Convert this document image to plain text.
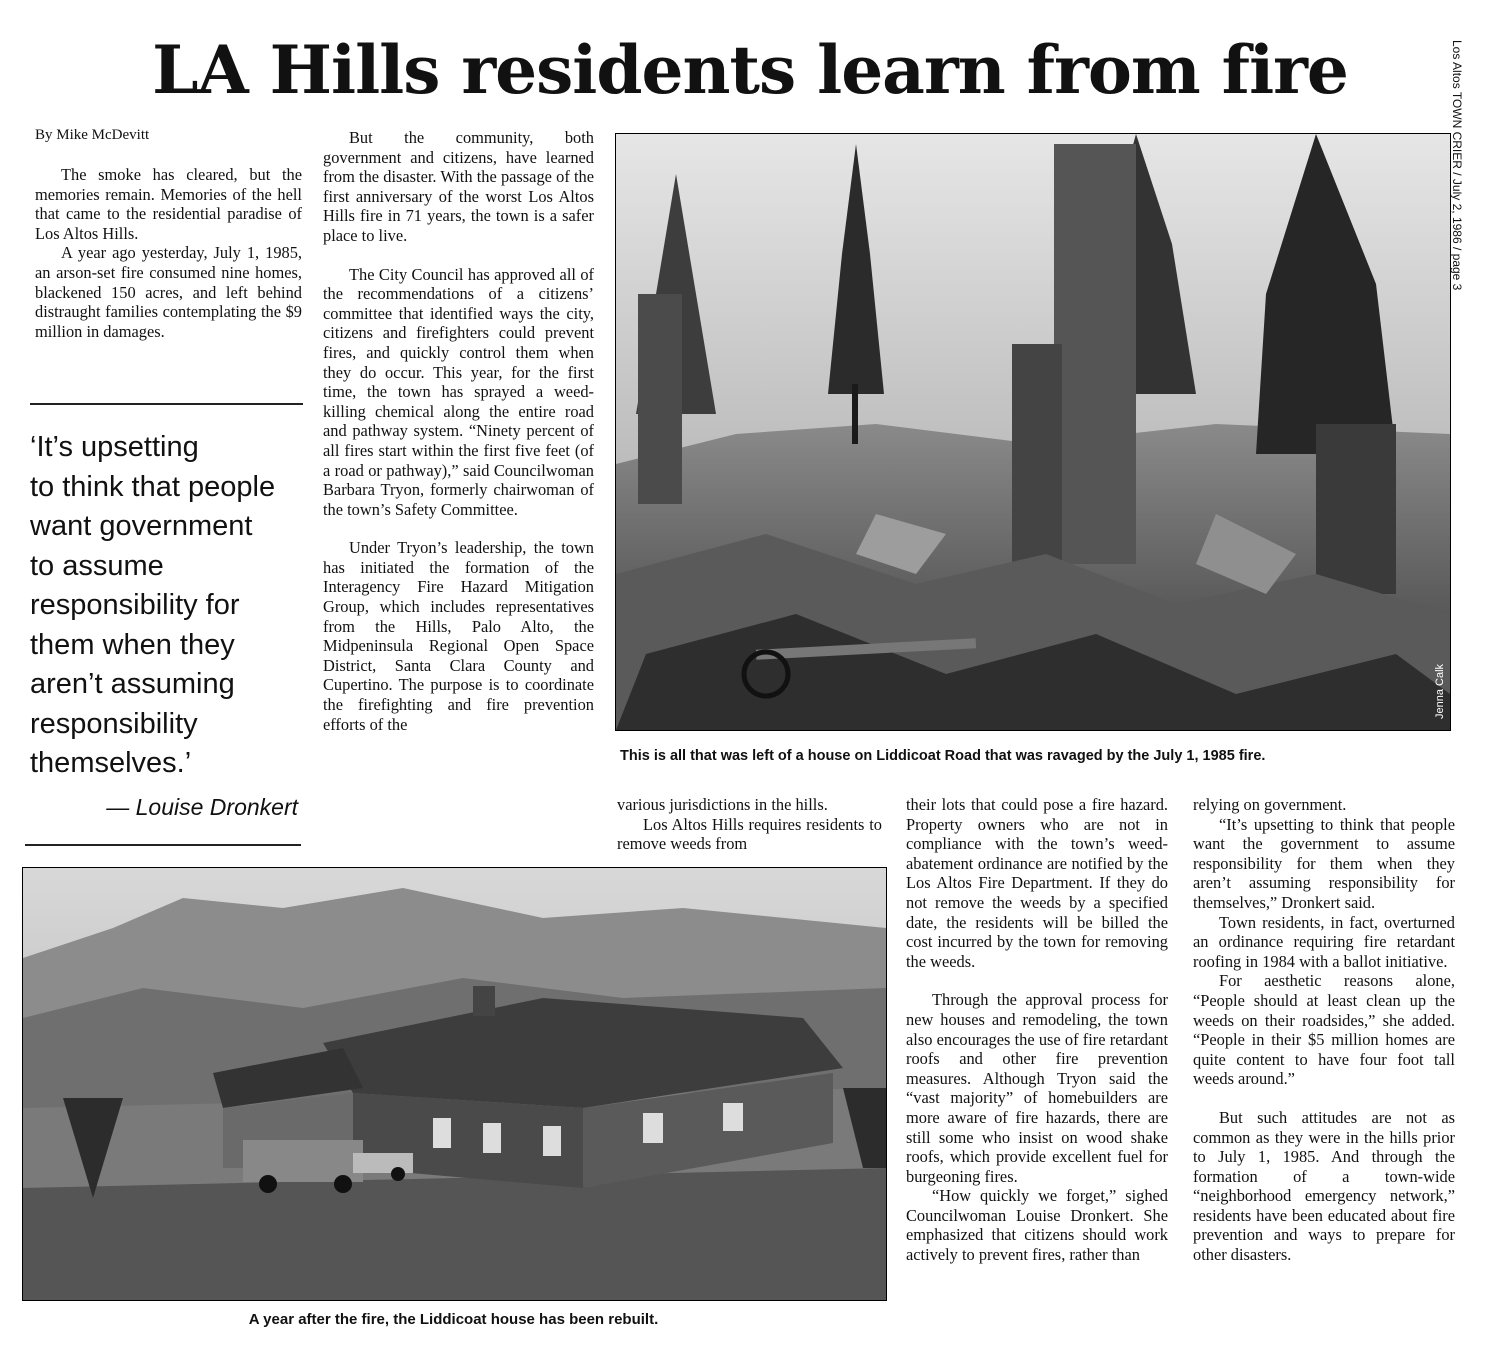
LA Hills residents learn from fire	Los Altos TOWN CRIER / July 2, 1986 / page 3
By Mike McDevitt

The smoke has cleared, but the memories remain. Memories of the hell that came to the residential paradise of Los Altos Hills.

A year ago yesterday, July 1, 1985, an arson-set fire consumed nine homes, blackened 150 acres, and left behind distraught families contemplating the $9 million in damages.

‘It’s upsetting
to think that people
want government
to assume
responsibility for
them when they
aren’t assuming
responsibility
themselves.’
— Louise Dronkert

But the community, both government and citizens, have learned from the disaster. With the passage of the first anniversary of the worst Los Altos Hills fire in 71 years, the town is a safer place to live.

The City Council has approved all of the recommendations of a citizens’ committee that identified ways the city, citizens and firefighters could prevent fires, and quickly control them when they do occur. This year, for the first time, the town has sprayed a weed-killing chemical along the entire road and pathway system. “Ninety percent of all fires start within the first five feet (of a road or pathway),” said Councilwoman Barbara Tryon, formerly chairwoman of the town’s Safety Committee.

Under Tryon’s leadership, the town has initiated the formation of the Interagency Fire Hazard Mitigation Group, which includes representatives from the Hills, Palo Alto, the Midpeninsula Regional Open Space District, Santa Clara County and Cupertino. The purpose is to coordinate the firefighting and fire prevention efforts of the

Jenna Calk
This is all that was left of a house on Liddicoat Road that was ravaged by the July 1, 1985 fire.

various jurisdictions in the hills.

Los Altos Hills requires residents to remove weeds from

their lots that could pose a fire hazard. Property owners who are not in compliance with the town’s weed-abatement ordinance are notified by the Los Altos Fire Department. If they do not remove the weeds by a specified date, the residents will be billed the cost incurred by the town for removing the weeds.

Through the approval process for new houses and remodeling, the town also encourages the use of fire retardant roofs and other fire prevention measures. Although Tryon said the “vast majority” of homebuilders are more aware of fire hazards, there are still some who insist on wood shake roofs, which provide excellent fuel for burgeoning fires.

“How quickly we forget,” sighed Councilwoman Louise Dronkert. She emphasized that citizens should work actively to prevent fires, rather than

relying on government.

“It’s upsetting to think that people want the government to assume responsibility for them when they aren’t assuming responsibility for themselves,” Dronkert said.

Town residents, in fact, overturned an ordinance requiring fire retardant roofing in 1984 with a ballot initiative.

For aesthetic reasons alone, “People should at least clean up the weeds on their roadsides,” she added. “People in their $5 million homes are quite content to have four foot tall weeds around.”

But such attitudes are not as common as they were in the hills prior to July 1, 1985. And through the formation of a town-wide “neighborhood emergency network,” residents have been educated about fire prevention and ways to prepare for other disasters.

A year after the fire, the Liddicoat house has been rebuilt.
